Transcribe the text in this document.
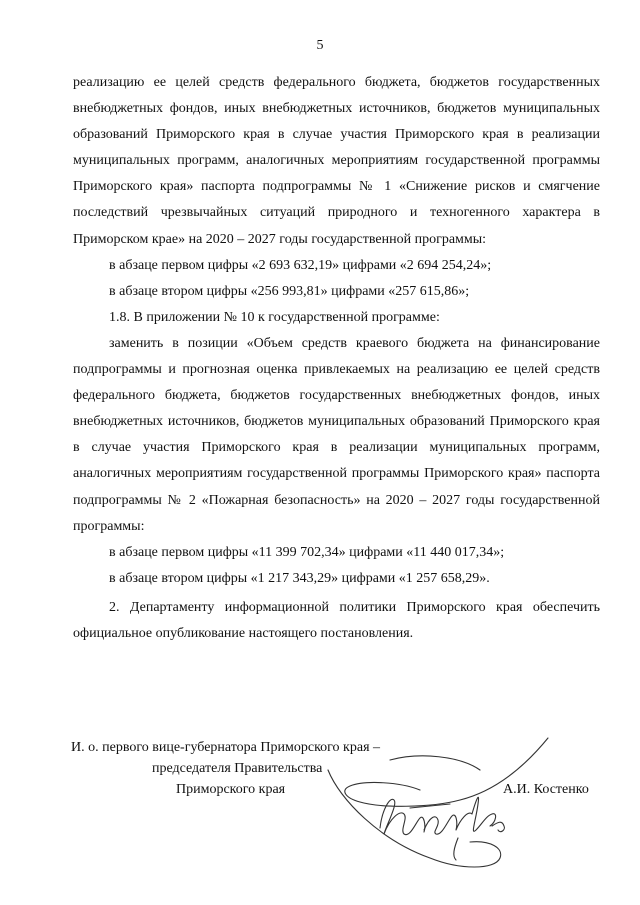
5

реализацию ее целей средств федерального бюджета, бюджетов государственных внебюджетных фондов, иных внебюджетных источников, бюджетов муниципальных образований Приморского края в случае участия Приморского края в реализации муниципальных программ, аналогичных мероприятиям государственной программы Приморского края» паспорта подпрограммы № 1 «Снижение рисков и смягчение последствий чрезвычайных ситуаций природного и техногенного характера в Приморском крае» на 2020 – 2027 годы государственной программы:

в абзаце первом цифры «2 693 632,19» цифрами «2 694 254,24»;

в абзаце втором цифры «256 993,81» цифрами «257 615,86»;

1.8. В приложении № 10 к государственной программе:

заменить в позиции «Объем средств краевого бюджета на финансирование подпрограммы и прогнозная оценка привлекаемых на реализацию ее целей средств федерального бюджета, бюджетов государственных внебюджетных фондов, иных внебюджетных источников, бюджетов муниципальных образований Приморского края в случае участия Приморского края в реализации муниципальных программ, аналогичных мероприятиям государственной программы Приморского края» паспорта подпрограммы № 2 «Пожарная безопасность» на 2020 – 2027 годы государственной программы:

в абзаце первом цифры «11 399 702,34» цифрами «11 440 017,34»;

в абзаце втором цифры «1 217 343,29» цифрами «1 257 658,29».

2. Департаменту информационной политики Приморского края обеспечить официальное опубликование настоящего постановления.

И. о. первого вице-губернатора Приморского края –
председателя Правительства
Приморского края	А.И. Костенко
